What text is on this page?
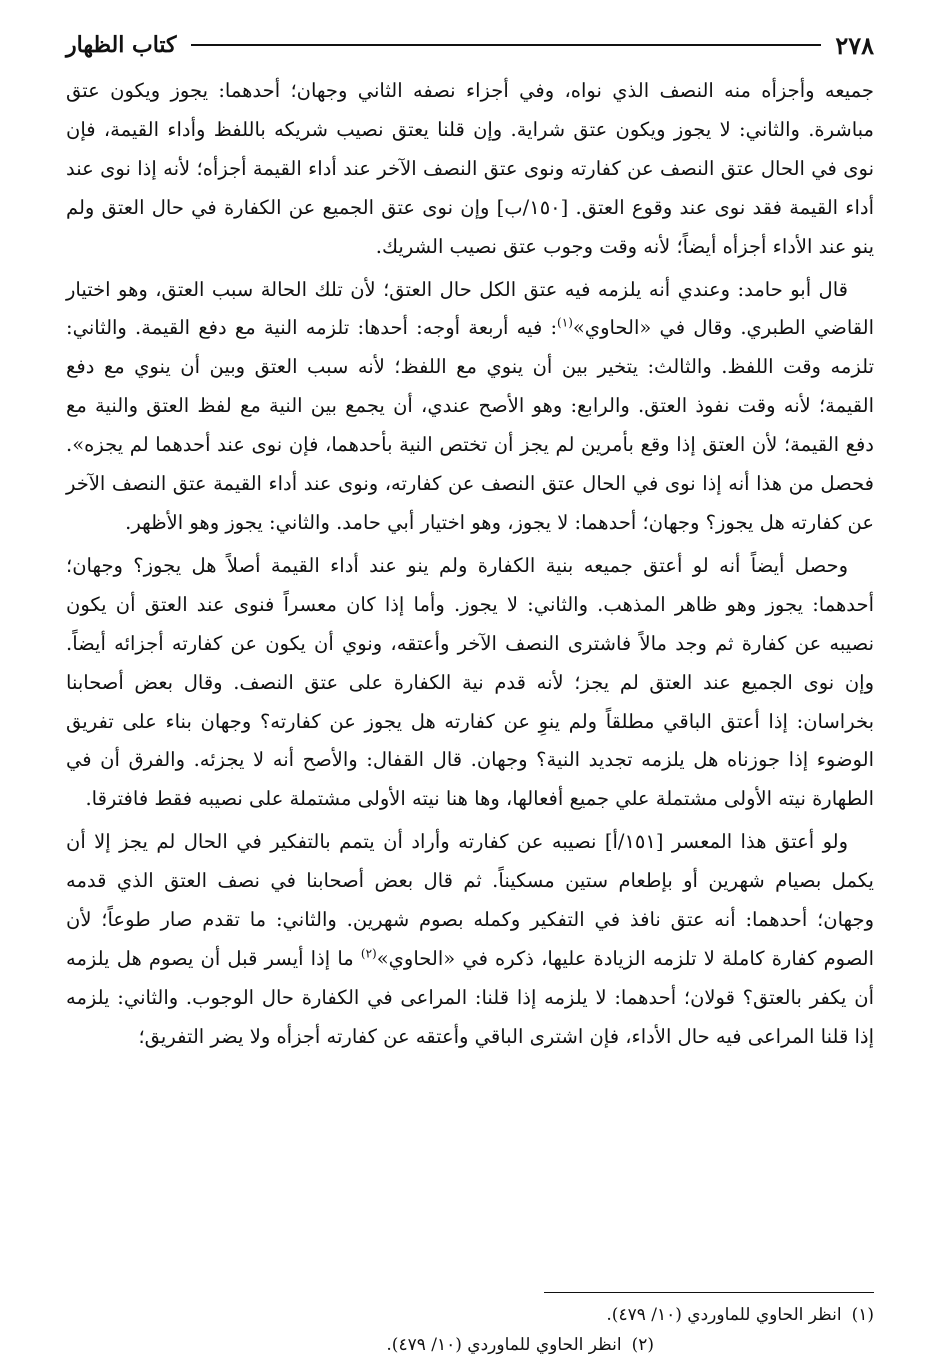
٢٧٨
كتاب الظهار

جميعه وأجزأه منه النصف الذي نواه، وفي أجزاء نصفه الثاني وجهان؛ أحدهما: يجوز ويكون عتق مباشرة. والثاني: لا يجوز ويكون عتق شراية. وإن قلنا يعتق نصيب شريكه باللفظ وأداء القيمة، فإن نوى في الحال عتق النصف عن كفارته ونوى عتق النصف الآخر عند أداء القيمة أجزأه؛ لأنه إذا نوى عند أداء القيمة فقد نوى عند وقوع العتق. [١٥٠/ب] وإن نوى عتق الجميع عن الكفارة في حال العتق ولم ينو عند الأداء أجزأه أيضاً؛ لأنه وقت وجوب عتق نصيب الشريك.

قال أبو حامد: وعندي أنه يلزمه فيه عتق الكل حال العتق؛ لأن تلك الحالة سبب العتق، وهو اختيار القاضي الطبري. وقال في «الحاوي»$^{(١)}$: فيه أربعة أوجه: أحدها: تلزمه النية مع دفع القيمة. والثاني: تلزمه وقت اللفظ. والثالث: يتخير بين أن ينوي مع اللفظ؛ لأنه سبب العتق وبين أن ينوي مع دفع القيمة؛ لأنه وقت نفوذ العتق. والرابع: وهو الأصح عندي، أن يجمع بين النية مع لفظ العتق والنية مع دفع القيمة؛ لأن العتق إذا وقع بأمرين لم يجز أن تختص النية بأحدهما، فإن نوى عند أحدهما لم يجزه». فحصل من هذا أنه إذا نوى في الحال عتق النصف عن كفارته، ونوى عند أداء القيمة عتق النصف الآخر عن كفارته هل يجوز؟ وجهان؛ أحدهما: لا يجوز، وهو اختيار أبي حامد. والثاني: يجوز وهو الأظهر.

وحصل أيضاً أنه لو أعتق جميعه بنية الكفارة ولم ينو عند أداء القيمة أصلاً هل يجوز؟ وجهان؛ أحدهما: يجوز وهو ظاهر المذهب. والثاني: لا يجوز. وأما إذا كان معسراً فنوى عند العتق أن يكون نصيبه عن كفارة ثم وجد مالاً فاشترى النصف الآخر وأعتقه، ونوي أن يكون عن كفارته أجزائه أيضاً. وإن نوى الجميع عند العتق لم يجز؛ لأنه قدم نية الكفارة على عتق النصف. وقال بعض أصحابنا بخراسان: إذا أعتق الباقي مطلقاً ولم ينوِ عن كفارته هل يجوز عن كفارته؟ وجهان بناء على تفريق الوضوء إذا جوزناه هل يلزمه تجديد النية؟ وجهان. قال القفال: والأصح أنه لا يجزئه. والفرق أن في الطهارة نيته الأولى مشتملة علي جميع أفعالها، وها هنا نيته الأولى مشتملة على نصيبه فقط فافترقا.

ولو أعتق هذا المعسر [١٥١/أ] نصيبه عن كفارته وأراد أن يتمم بالتفكير في الحال لم يجز إلا أن يكمل بصيام شهرين أو بإطعام ستين مسكيناً. ثم قال بعض أصحابنا في نصف العتق الذي قدمه وجهان؛ أحدهما: أنه عتق نافذ في التفكير وكمله بصوم شهرين. والثاني: ما تقدم صار طوعاً؛ لأن الصوم كفارة كاملة لا تلزمه الزيادة عليها، ذكره في «الحاوي»$^{(٢)}$ ما إذا أيسر قبل أن يصوم هل يلزمه أن يكفر بالعتق؟ قولان؛ أحدهما: لا يلزمه إذا قلنا: المراعى في الكفارة حال الوجوب. والثاني: يلزمه إذا قلنا المراعى فيه حال الأداء، فإن اشترى الباقي وأعتقه عن كفارته أجزأه ولا يضر التفريق؛

(١)
انظر الحاوي للماوردي (١٠/ ٤٧٩).
(٢)
انظر الحاوي للماوردي (١٠/ ٤٧٩).
